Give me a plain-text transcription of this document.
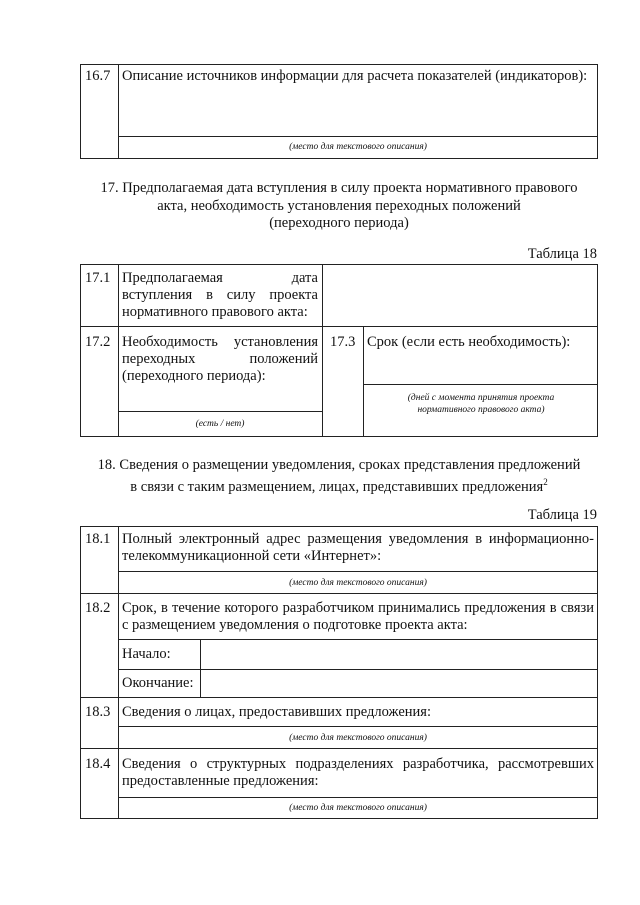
16.7 Описание источников информации для расчета показателей (индикаторов):
(место для текстового описания)
17. Предполагаемая дата вступления в силу проекта нормативного правового
акта, необходимость установления переходных положений
(переходного периода)
Таблица 18
17.1 Предполагаемая дата вступления в силу проекта нормативного правового акта:
17.2 Необходимость установления переходных положений (переходного периода):
(есть / нет)
17.3 Срок (если есть необходимость):
(дней с момента принятия проекта нормативного правового акта)
18. Сведения о размещении уведомления, сроках представления предложений
в связи с таким размещением, лицах, представивших предложения$^2$
Таблица 19
18.1 Полный электронный адрес размещения уведомления в информационно-телекоммуникационной сети «Интернет»:
(место для текстового описания)
18.2 Срок, в течение которого разработчиком принимались предложения в связи с размещением уведомления о подготовке проекта акта:
Начало:
Окончание:
18.3 Сведения о лицах, предоставивших предложения:
(место для текстового описания)
18.4 Сведения о структурных подразделениях разработчика, рассмотревших предоставленные предложения:
(место для текстового описания)
